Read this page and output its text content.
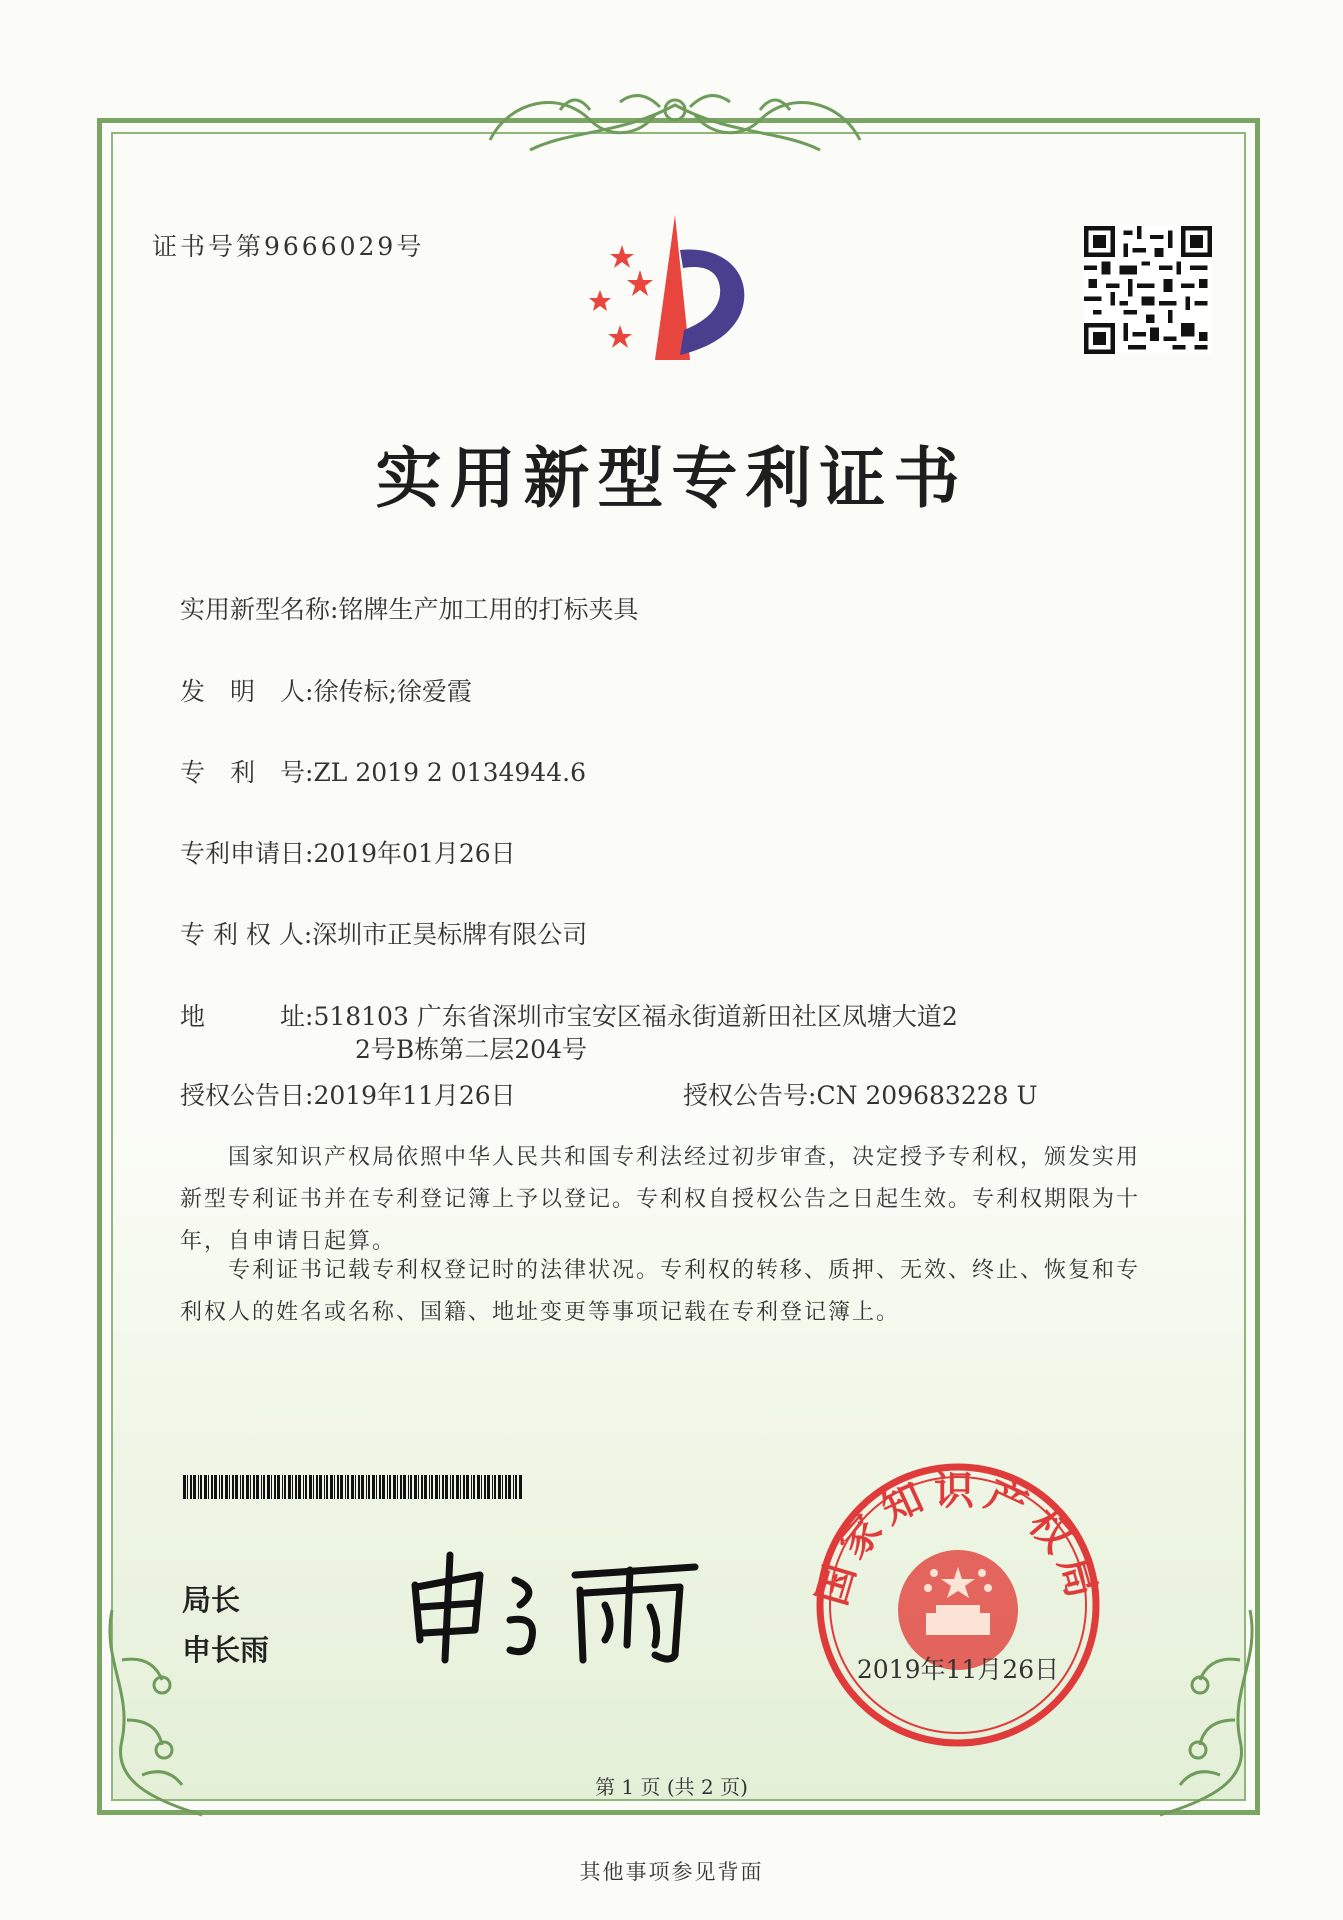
证书号第9666029号
实用新型专利证书
实用新型名称:铭牌生产加工用的打标夹具
发　明　人:徐传标;徐爱霞
专　利　号:ZL 2019 2 0134944.6
专利申请日:2019年01月26日
专 利 权 人:深圳市正昊标牌有限公司
地　　　址:518103 广东省深圳市宝安区福永街道新田社区凤塘大道2
2号B栋第二层204号
授权公告日:2019年11月26日	授权公告号:CN 209683228 U
　　国家知识产权局依照中华人民共和国专利法经过初步审查，决定授予专利权，颁发实用
新型专利证书并在专利登记簿上予以登记。专利权自授权公告之日起生效。专利权期限为十
年，自申请日起算。
　　专利证书记载专利权登记时的法律状况。专利权的转移、质押、无效、终止、恢复和专
利权人的姓名或名称、国籍、地址变更等事项记载在专利登记簿上。
局长
申长雨
国家知识产权局
2019年11月26日
第 1 页 (共 2 页)
其他事项参见背面
